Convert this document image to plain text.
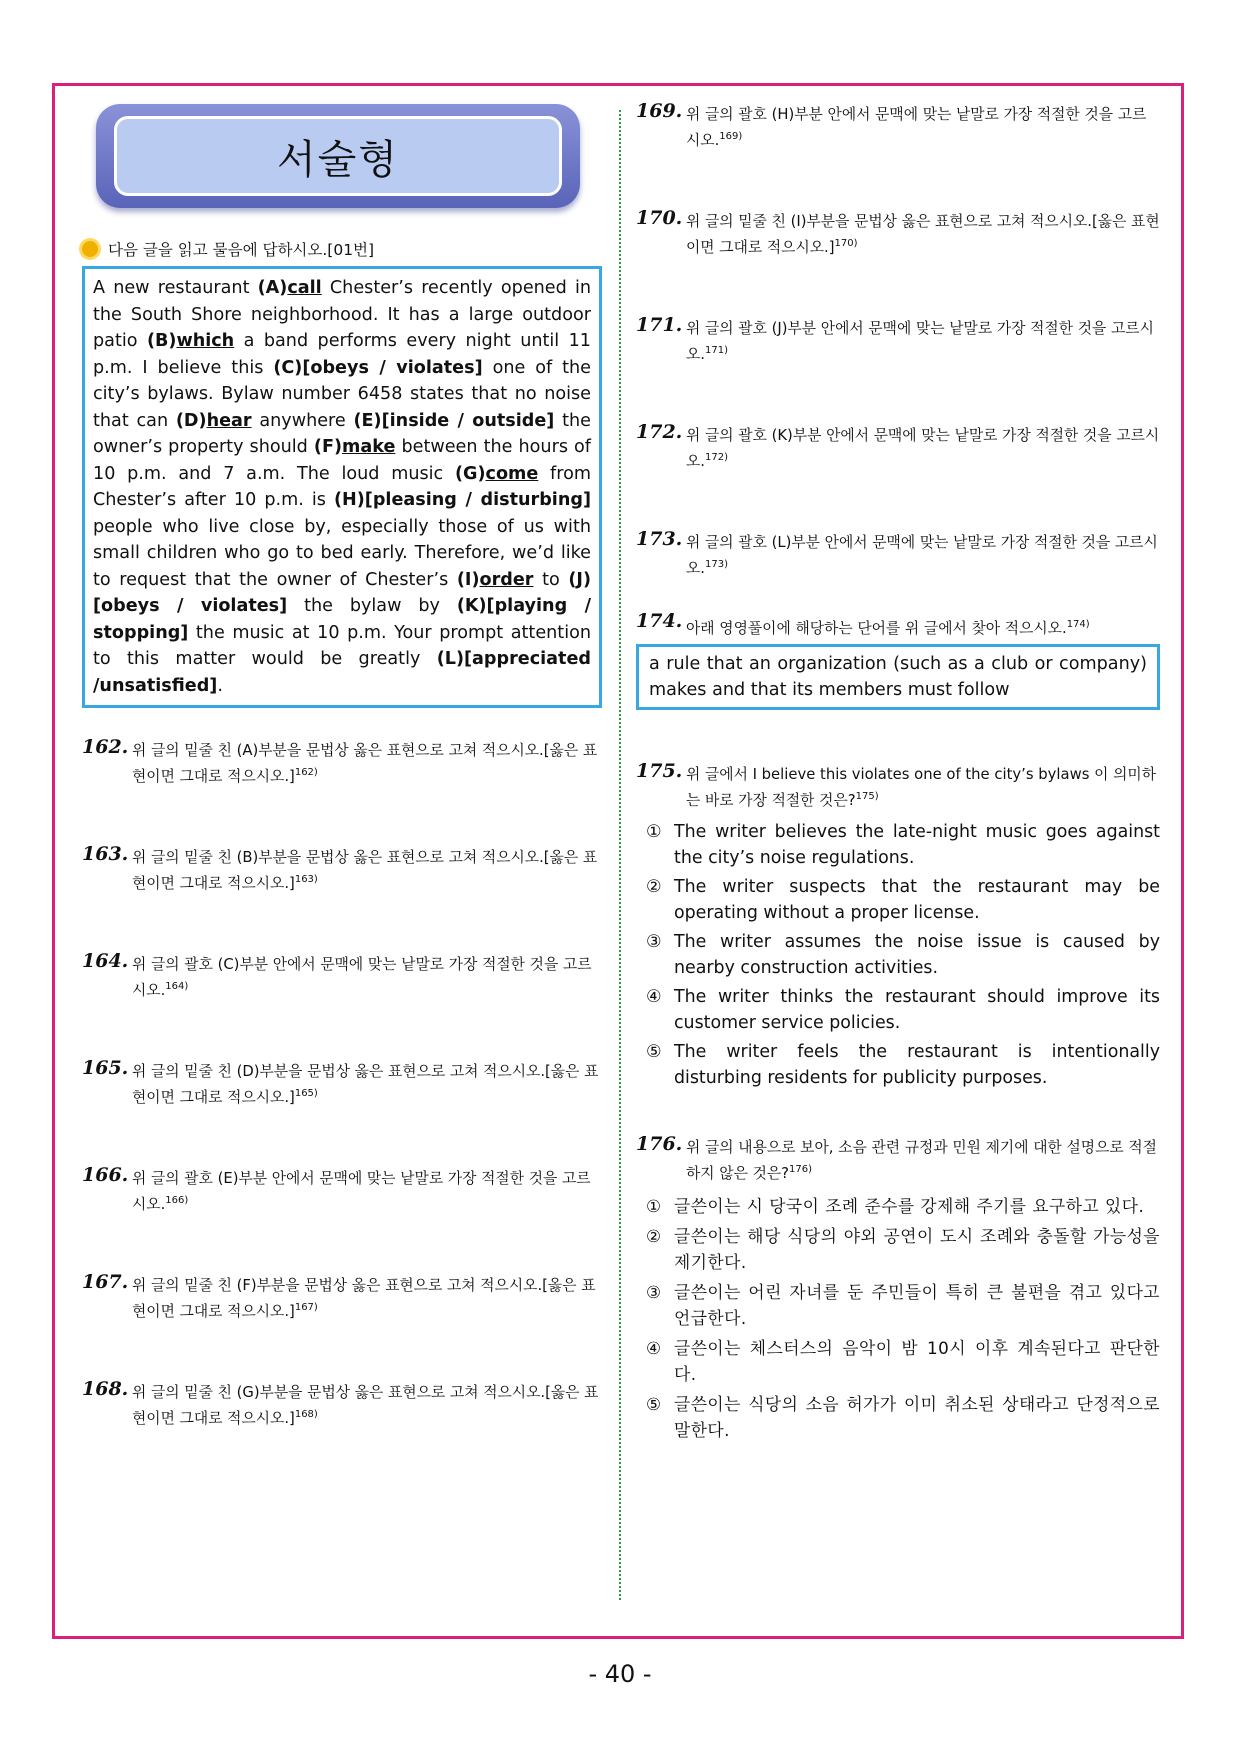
서술형
다음 글을 읽고 물음에 답하시오.[01번]
A new restaurant (A)call Chester’s recently opened in the South Shore neighborhood. It has a large outdoor patio (B)which a band performs every night until 11 p.m. I believe this (C)[obeys / violates] one of the city’s bylaws. Bylaw number 6458 states that no noise that can (D)hear anywhere (E)[inside / outside] the owner’s property should (F)make between the hours of 10 p.m. and 7 a.m. The loud music (G)come from Chester’s after 10 p.m. is (H)[pleasing / disturbing] people who live close by, especially those of us with small children who go to bed early. Therefore, we’d like to request that the owner of Chester’s (I)order to (J)[obeys / violates] the bylaw by (K)[playing / stopping] the music at 10 p.m. Your prompt attention to this matter would be greatly (L)[appreciated /unsatisfied].
162. 위 글의 밑줄 친 (A)부분을 문법상 옳은 표현으로 고쳐 적으시오.[옳은 표현이면 그대로 적으시오.]$^{162)}$
163. 위 글의 밑줄 친 (B)부분을 문법상 옳은 표현으로 고쳐 적으시오.[옳은 표현이면 그대로 적으시오.]$^{163)}$
164. 위 글의 괄호 (C)부분 안에서 문맥에 맞는 낱말로 가장 적절한 것을 고르시오.$^{164)}$
165. 위 글의 밑줄 친 (D)부분을 문법상 옳은 표현으로 고쳐 적으시오.[옳은 표현이면 그대로 적으시오.]$^{165)}$
166. 위 글의 괄호 (E)부분 안에서 문맥에 맞는 낱말로 가장 적절한 것을 고르시오.$^{166)}$
167. 위 글의 밑줄 친 (F)부분을 문법상 옳은 표현으로 고쳐 적으시오.[옳은 표현이면 그대로 적으시오.]$^{167)}$
168. 위 글의 밑줄 친 (G)부분을 문법상 옳은 표현으로 고쳐 적으시오.[옳은 표현이면 그대로 적으시오.]$^{168)}$
169. 위 글의 괄호 (H)부분 안에서 문맥에 맞는 낱말로 가장 적절한 것을 고르시오.$^{169)}$
170. 위 글의 밑줄 친 (I)부분을 문법상 옳은 표현으로 고쳐 적으시오.[옳은 표현이면 그대로 적으시오.]$^{170)}$
171. 위 글의 괄호 (J)부분 안에서 문맥에 맞는 낱말로 가장 적절한 것을 고르시오.$^{171)}$
172. 위 글의 괄호 (K)부분 안에서 문맥에 맞는 낱말로 가장 적절한 것을 고르시오.$^{172)}$
173. 위 글의 괄호 (L)부분 안에서 문맥에 맞는 낱말로 가장 적절한 것을 고르시오.$^{173)}$
174. 아래 영영풀이에 해당하는 단어를 위 글에서 찾아 적으시오.$^{174)}$
a rule that an organization (such as a club or company) makes and that its members must follow
175. 위 글에서 I believe this violates one of the city’s bylaws 이 의미하는 바로 가장 적절한 것은?$^{175)}$
① The writer believes the late-night music goes against the city’s noise regulations.
② The writer suspects that the restaurant may be operating without a proper license.
③ The writer assumes the noise issue is caused by nearby construction activities.
④ The writer thinks the restaurant should improve its customer service policies.
⑤ The writer feels the restaurant is intentionally disturbing residents for publicity purposes.
176. 위 글의 내용으로 보아, 소음 관련 규정과 민원 제기에 대한 설명으로 적절하지 않은 것은?$^{176)}$
① 글쓴이는 시 당국이 조례 준수를 강제해 주기를 요구하고 있다.
② 글쓴이는 해당 식당의 야외 공연이 도시 조례와 충돌할 가능성을 제기한다.
③ 글쓴이는 어린 자녀를 둔 주민들이 특히 큰 불편을 겪고 있다고 언급한다.
④ 글쓴이는 체스터스의 음악이 밤 10시 이후 계속된다고 판단한다.
⑤ 글쓴이는 식당의 소음 허가가 이미 취소된 상태라고 단정적으로 말한다.
- 40 -
